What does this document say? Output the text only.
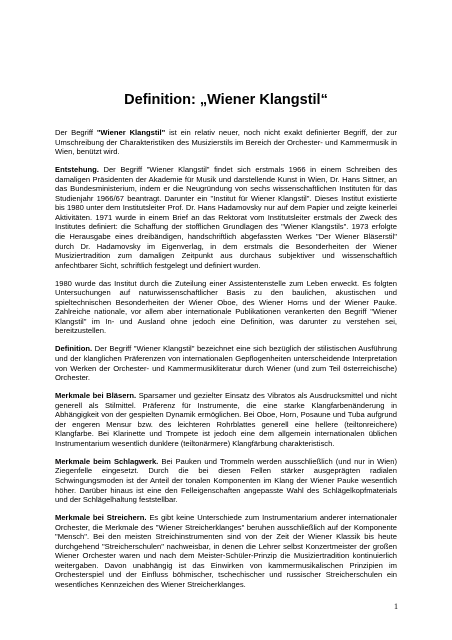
Definition: „Wiener Klangstil“

Der Begriff "Wiener Klangstil" ist ein relativ neuer, noch nicht exakt definierter Begriff, der zur Umschreibung der Charakteristiken des Musizierstils im Bereich der Orchester- und Kammermusik in Wien, benützt wird.

Entstehung. Der Begriff "Wiener Klangstil" findet sich erstmals 1966 in einem Schreiben des damaligen Präsidenten der Akademie für Musik und darstellende Kunst in Wien, Dr. Hans Sittner, an das Bundesministerium, indem er die Neugründung von sechs wissenschaftlichen Instituten für das Studienjahr 1966/67 beantragt. Darunter ein "Institut für Wiener Klangstil". Dieses Institut existierte bis 1980 unter dem Institutsleiter Prof. Dr. Hans Hadamovsky nur auf dem Papier und zeigte keinerlei Aktivitäten. 1971 wurde in einem Brief an das Rektorat vom Institutsleiter erstmals der Zweck des Institutes definiert: die Schaffung der stofflichen Grundlagen des "Wiener Klangstils". 1973 erfolgte die Herausgabe eines dreibändigen, handschriftlich abgefassten Werkes "Der Wiener Bläserstil" durch Dr. Hadamovsky im Eigenverlag, in dem erstmals die Besonderheiten der Wiener Musiziertradition zum damaligen Zeitpunkt aus durchaus subjektiver und wissenschaftlich anfechtbarer Sicht, schriftlich festgelegt und definiert wurden.

1980 wurde das Institut durch die Zuteilung einer Assistentenstelle zum Leben erweckt. Es folgten Untersuchungen auf naturwissenschaftlicher Basis zu den baulichen, akustischen und spieltechnischen Besonderheiten der Wiener Oboe, des Wiener Horns und der Wiener Pauke. Zahlreiche nationale, vor allem aber internationale Publikationen verankerten den Begriff "Wiener Klangstil" im In- und Ausland ohne jedoch eine Definition, was darunter zu verstehen sei, bereitzustellen.

Definition. Der Begriff "Wiener Klangstil" bezeichnet eine sich bezüglich der stilistischen Ausführung und der klanglichen Präferenzen von internationalen Gepflogenheiten unterscheidende Interpretation von Werken der Orchester- und Kammermusikliteratur durch Wiener (und zum Teil österreichische) Orchester.

Merkmale bei Bläsern. Sparsamer und gezielter Einsatz des Vibratos als Ausdrucksmittel und nicht generell als Stilmittel. Präferenz für Instrumente, die eine starke Klangfarbenänderung in Abhängigkeit von der gespielten Dynamik ermöglichen. Bei Oboe, Horn, Posaune und Tuba aufgrund der engeren Mensur bzw. des leichteren Rohrblattes generell eine hellere (teiltonreichere) Klangfarbe. Bei Klarinette und Trompete ist jedoch eine dem allgemein internationalen üblichen Instrumentarium wesentlich dunklere (teiltonärmere) Klangfärbung charakteristisch.

Merkmale beim Schlagwerk. Bei Pauken und Trommeln werden ausschließlich (und nur in Wien) Ziegenfelle eingesetzt. Durch die bei diesen Fellen stärker ausgeprägten radialen Schwingungsmoden ist der Anteil der tonalen Komponenten im Klang der Wiener Pauke wesentlich höher. Darüber hinaus ist eine den Felleigenschaften angepasste Wahl des Schlägelkopfmaterials und der Schlägelhaltung feststellbar.

Merkmale bei Streichern. Es gibt keine Unterschiede zum Instrumentarium anderer internationaler Orchester, die Merkmale des "Wiener Streicherklanges" beruhen ausschließlich auf der Komponente "Mensch". Bei den meisten Streichinstrumenten sind von der Zeit der Wiener Klassik bis heute durchgehend "Streicherschulen" nachweisbar, in denen die Lehrer selbst Konzertmeister der großen Wiener Orchester waren und nach dem Meister-Schüler-Prinzip die Musiziertradition kontinuierlich weitergaben. Davon unabhängig ist das Einwirken von kammermusikalischen Prinzipien im Orchesterspiel und der Einfluss böhmischer, tschechischer und russischer Streicherschulen ein wesentliches Kennzeichen des Wiener Streicherklanges.

1
